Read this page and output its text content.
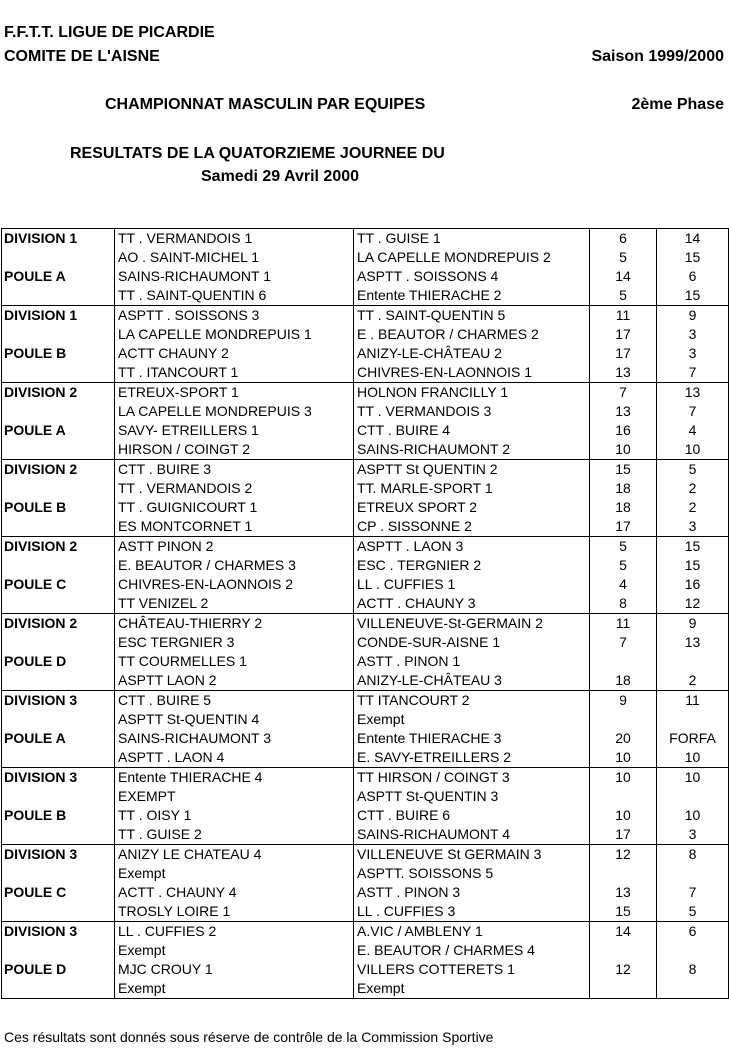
F.F.T.T. LIGUE DE PICARDIE
COMITE DE L'AISNE	Saison 1999/2000
CHAMPIONNAT MASCULIN PAR EQUIPES	2ème Phase
RESULTATS DE LA QUATORZIEME JOURNEE DU
Samedi 29 Avril 2000
DIVISION 1	TT . VERMANDOIS 1	TT . GUISE 1	6	14
	AO . SAINT-MICHEL 1	LA CAPELLE MONDREPUIS 2	5	15
POULE A	SAINS-RICHAUMONT 1	ASPTT . SOISSONS 4	14	6
	TT . SAINT-QUENTIN 6	Entente THIERACHE 2	5	15
DIVISION 1	ASPTT . SOISSONS 3	TT . SAINT-QUENTIN 5	11	9
	LA CAPELLE MONDREPUIS 1	E . BEAUTOR / CHARMES 2	17	3
POULE B	ACTT CHAUNY 2	ANIZY-LE-CHÂTEAU 2	17	3
	TT . ITANCOURT 1	CHIVRES-EN-LAONNOIS 1	13	7
DIVISION 2	ETREUX-SPORT 1	HOLNON FRANCILLY 1	7	13
	LA CAPELLE MONDREPUIS 3	TT . VERMANDOIS 3	13	7
POULE A	SAVY- ETREILLERS 1	CTT . BUIRE 4	16	4
	HIRSON / COINGT 2	SAINS-RICHAUMONT 2	10	10
DIVISION 2	CTT . BUIRE 3	ASPTT St QUENTIN 2	15	5
	TT . VERMANDOIS 2	TT. MARLE-SPORT 1	18	2
POULE B	TT . GUIGNICOURT 1	ETREUX SPORT 2	18	2
	ES MONTCORNET 1	CP . SISSONNE 2	17	3
DIVISION 2	ASTT PINON 2	ASPTT . LAON 3	5	15
	E. BEAUTOR / CHARMES 3	ESC . TERGNIER 2	5	15
POULE C	CHIVRES-EN-LAONNOIS 2	LL . CUFFIES 1	4	16
	TT VENIZEL 2	ACTT . CHAUNY 3	8	12
DIVISION 2	CHÂTEAU-THIERRY 2	VILLENEUVE-St-GERMAIN 2	11	9
	ESC TERGNIER 3	CONDE-SUR-AISNE 1	7	13
POULE D	TT COURMELLES 1	ASTT . PINON 1		
	ASPTT LAON 2	ANIZY-LE-CHÂTEAU 3	18	2
DIVISION 3	CTT . BUIRE 5	TT ITANCOURT 2	9	11
	ASPTT St-QUENTIN 4	Exempt		
POULE A	SAINS-RICHAUMONT 3	Entente THIERACHE 3	20	FORFA
	ASPTT . LAON 4	E. SAVY-ETREILLERS 2	10	10
DIVISION 3	Entente THIERACHE 4	TT HIRSON / COINGT 3	10	10
	EXEMPT	ASPTT St-QUENTIN 3		
POULE B	TT . OISY 1	CTT . BUIRE 6	10	10
	TT . GUISE 2	SAINS-RICHAUMONT 4	17	3
DIVISION 3	ANIZY LE CHATEAU 4	VILLENEUVE St GERMAIN 3	12	8
	Exempt	ASPTT. SOISSONS 5		
POULE C	ACTT . CHAUNY 4	ASTT . PINON 3	13	7
	TROSLY LOIRE 1	LL . CUFFIES 3	15	5
DIVISION 3	LL . CUFFIES 2	A.VIC / AMBLENY 1	14	6
	Exempt	E. BEAUTOR / CHARMES 4		
POULE D	MJC CROUY 1	VILLERS COTTERETS 1	12	8
	Exempt	Exempt		
Ces résultats sont donnés sous réserve de contrôle de la Commission Sportive
